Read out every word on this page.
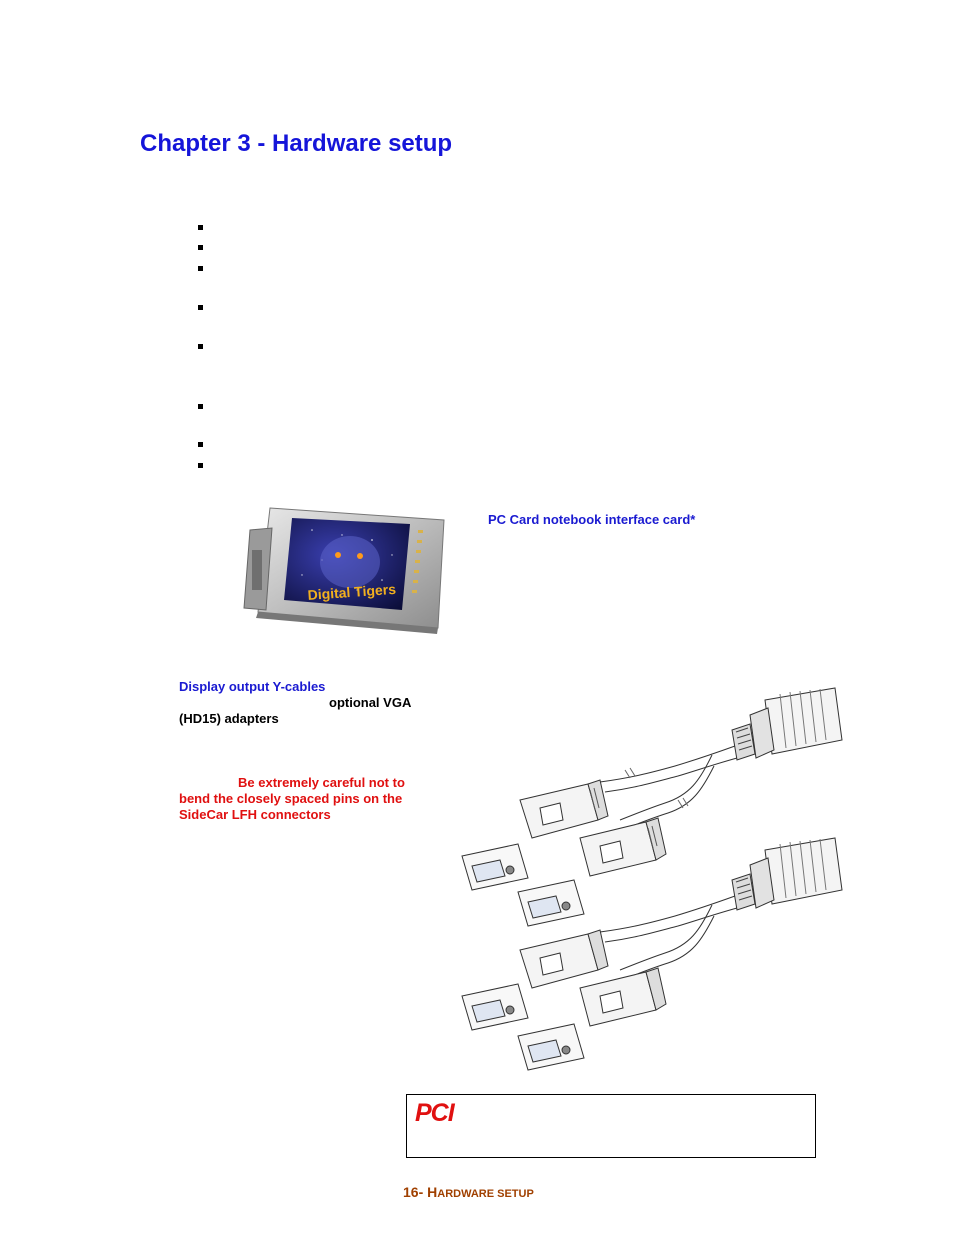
Chapter 3 - Hardware setup
Digital Tigers
PC Card notebook interface card*
Display output Y-cables
optional VGA
(HD15) adapters
Be extremely careful not to
bend the closely spaced pins on the
SideCar LFH connectors
PCI
16- HARDWARE SETUP
